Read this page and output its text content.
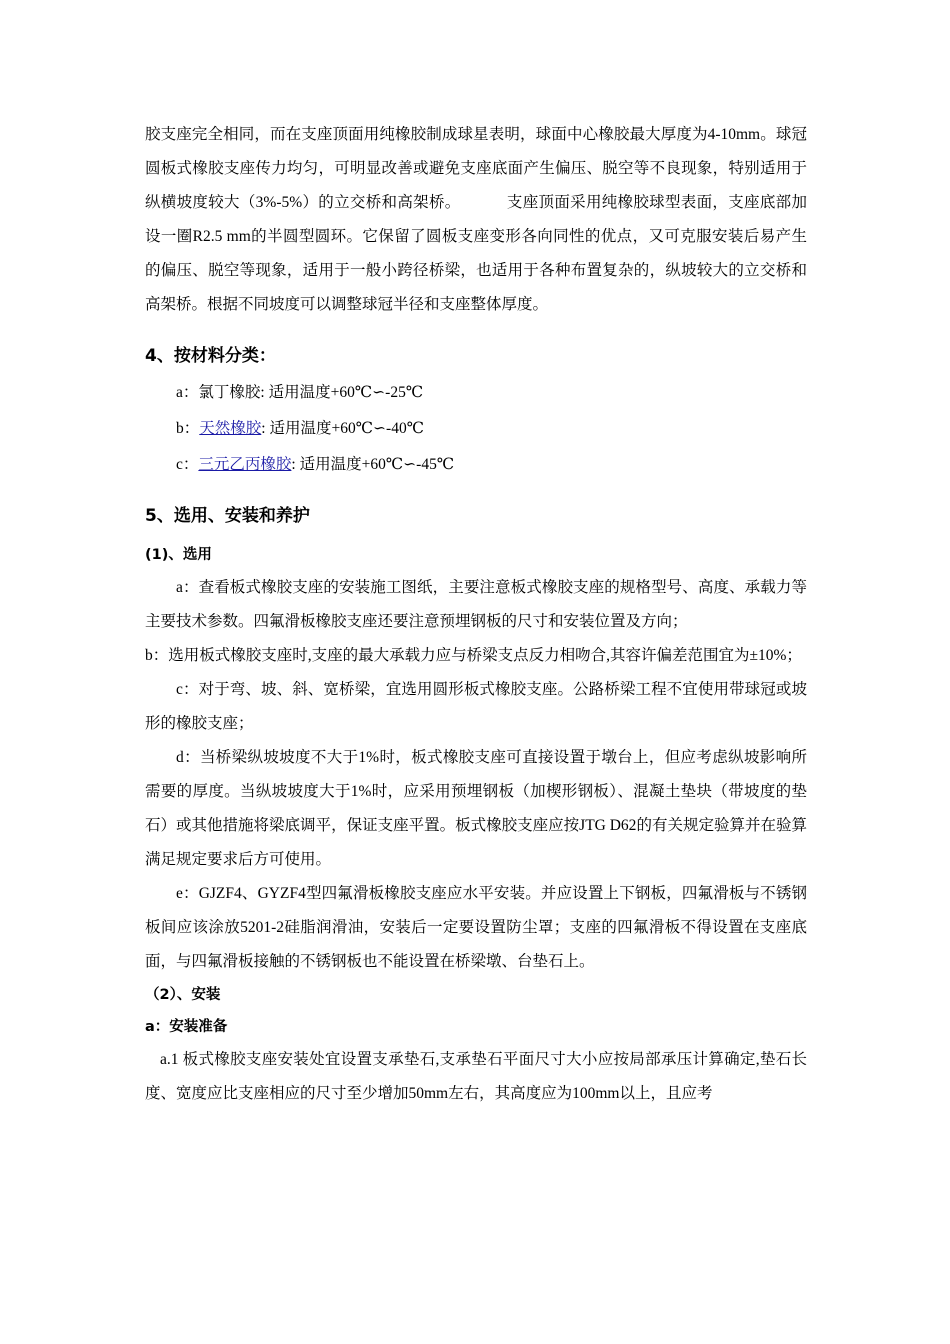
胶支座完全相同，而在支座顶面用纯橡胶制成球星表明，球面中心橡胶最大厚度为4-10mm。球冠圆板式橡胶支座传力均匀，可明显改善或避免支座底面产生偏压、脱空等不良现象，特别适用于纵横坡度较大（3%-5%）的立交桥和高架桥。	支座顶面采用纯橡胶球型表面，支座底部加设一圈R2.5 mm的半圆型圆环。它保留了圆板支座变形各向同性的优点，又可克服安装后易产生的偏压、脱空等现象，适用于一般小跨径桥梁，也适用于各种布置复杂的，纵坡较大的立交桥和高架桥。根据不同坡度可以调整球冠半径和支座整体厚度。

4、按材料分类：

a：氯丁橡胶: 适用温度+60℃∽-25℃

b：天然橡胶: 适用温度+60℃∽-40℃

c：三元乙丙橡胶: 适用温度+60℃∽-45℃

5、选用、安装和养护

(1)、选用

a：查看板式橡胶支座的安装施工图纸，主要注意板式橡胶支座的规格型号、高度、承载力等主要技术参数。四氟滑板橡胶支座还要注意预埋钢板的尺寸和安装位置及方向；

b：选用板式橡胶支座时,支座的最大承载力应与桥梁支点反力相吻合,其容许偏差范围宜为±10%；

c：对于弯、坡、斜、宽桥梁，宜选用圆形板式橡胶支座。公路桥梁工程不宜使用带球冠或坡形的橡胶支座；

d：当桥梁纵坡坡度不大于1%时，板式橡胶支座可直接设置于墩台上，但应考虑纵坡影响所需要的厚度。当纵坡坡度大于1%时，应采用预埋钢板（加楔形钢板）、混凝土垫块（带坡度的垫石）或其他措施将梁底调平，保证支座平置。板式橡胶支座应按JTG D62的有关规定验算并在验算满足规定要求后方可使用。

e：GJZF4、GYZF4型四氟滑板橡胶支座应水平安装。并应设置上下钢板，四氟滑板与不锈钢板间应该涂放5201-2硅脂润滑油，安装后一定要设置防尘罩；支座的四氟滑板不得设置在支座底面，与四氟滑板接触的不锈钢板也不能设置在桥梁墩、台垫石上。

（2）、安装

a：安装准备

a.1 板式橡胶支座安装处宜设置支承垫石,支承垫石平面尺寸大小应按局部承压计算确定,垫石长度、宽度应比支座相应的尺寸至少增加50mm左右，其高度应为100mm以上，且应考
